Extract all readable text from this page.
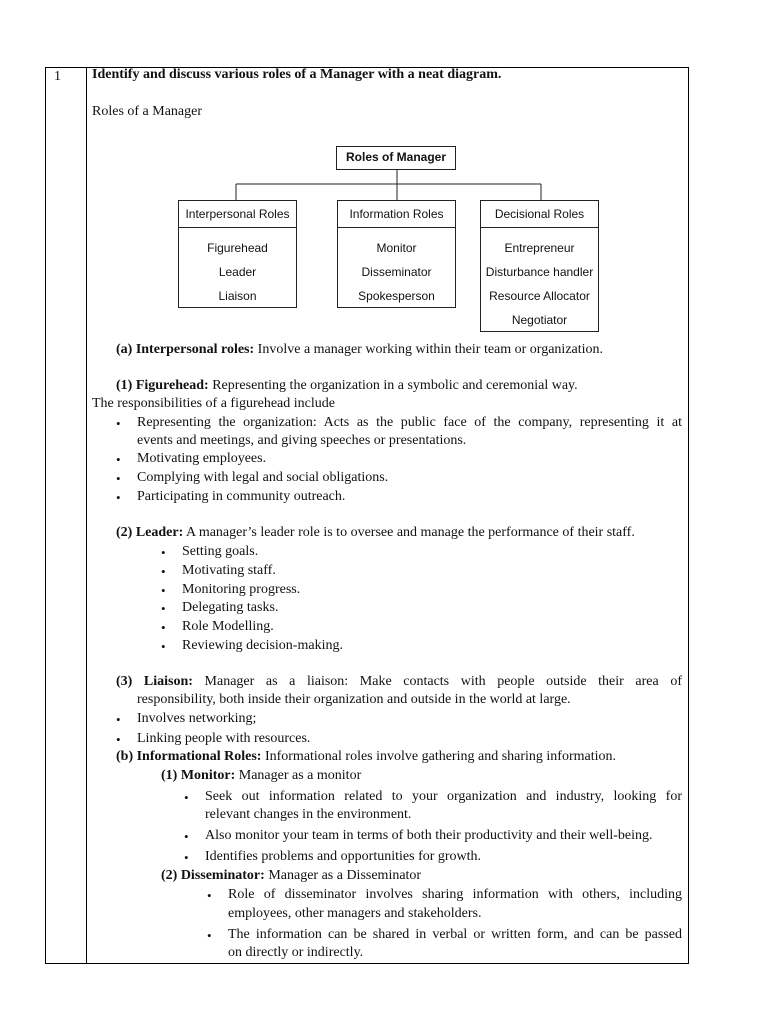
1 Identify and discuss various roles of a Manager with a neat diagram.
Roles of a Manager
Roles of Manager
Interpersonal Roles
Figurehead
Leader
Liaison
Information Roles
Monitor
Disseminator
Spokesperson
Decisional Roles
Entrepreneur
Disturbance handler
Resource Allocator
Negotiator
(a) Interpersonal roles: Involve a manager working within their team or organization.
(1) Figurehead: Representing the organization in a symbolic and ceremonial way.
The responsibilities of a figurehead include
• Representing the organization: Acts as the public face of the company, representing it at
events and meetings, and giving speeches or presentations.
• Motivating employees.
• Complying with legal and social obligations.
• Participating in community outreach.
(2) Leader: A manager’s leader role is to oversee and manage the performance of their staff.
• Setting goals.
• Motivating staff.
• Monitoring progress.
• Delegating tasks.
• Role Modelling.
• Reviewing decision-making.
(3) Liaison: Manager as a liaison: Make contacts with people outside their area of
responsibility, both inside their organization and outside in the world at large.
• Involves networking;
• Linking people with resources.
(b) Informational Roles: Informational roles involve gathering and sharing information.
(1) Monitor: Manager as a monitor
• Seek out information related to your organization and industry, looking for
relevant changes in the environment.
• Also monitor your team in terms of both their productivity and their well-being.
• Identifies problems and opportunities for growth.
(2) Disseminator: Manager as a Disseminator
• Role of disseminator involves sharing information with others, including
employees, other managers and stakeholders.
• The information can be shared in verbal or written form, and can be passed
on directly or indirectly.
